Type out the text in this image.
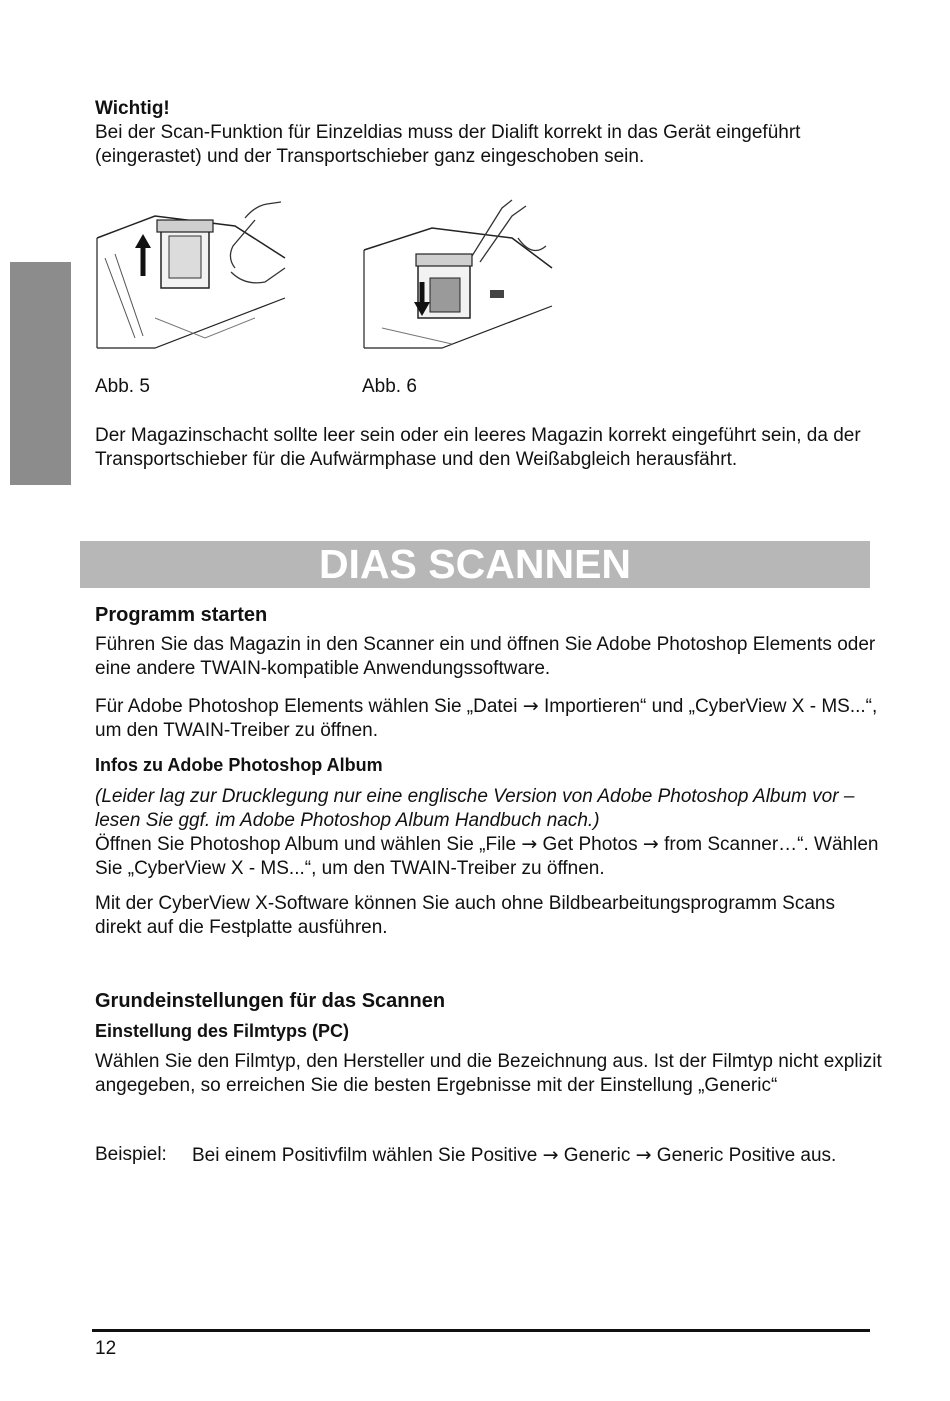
Wichtig!
Bei der Scan-Funktion für Einzeldias muss der Dialift korrekt in das Gerät eingeführt (eingerastet) und der Transportschieber ganz eingeschoben sein.
D
E
U
T
S
C
H
Abb. 5	Abb. 6
Der Magazinschacht sollte leer sein oder ein leeres Magazin korrekt eingeführt sein, da der Transportschieber für die Aufwärmphase und den Weißabgleich herausfährt.
DIAS SCANNEN
Programm starten
Führen Sie das Magazin in den Scanner ein und öffnen Sie Adobe Photoshop Elements oder eine andere TWAIN-kompatible Anwendungssoftware.
Für Adobe Photoshop Elements wählen Sie „Datei → Importieren“ und „CyberView X - MS...“, um den TWAIN-Treiber zu öffnen.
Infos zu Adobe Photoshop Album
(Leider lag zur Drucklegung nur eine englische Version von Adobe Photoshop Album vor – lesen Sie ggf. im Adobe Photoshop Album Handbuch nach.)
Öffnen Sie Photoshop Album und wählen Sie „File → Get Photos → from Scanner…“. Wählen Sie „CyberView X - MS...“, um den TWAIN-Treiber zu öffnen.
Mit der CyberView X-Software können Sie auch ohne Bildbearbeitungsprogramm Scans direkt auf die Festplatte ausführen.
Grundeinstellungen für das Scannen
Einstellung des Filmtyps (PC)
Wählen Sie den Filmtyp, den Hersteller und die Bezeichnung aus. Ist der Filmtyp nicht explizit angegeben, so erreichen Sie die besten Ergebnisse mit der Einstellung „Generic“
Beispiel: Bei einem Positivfilm wählen Sie Positive → Generic → Generic Positive aus.
12
